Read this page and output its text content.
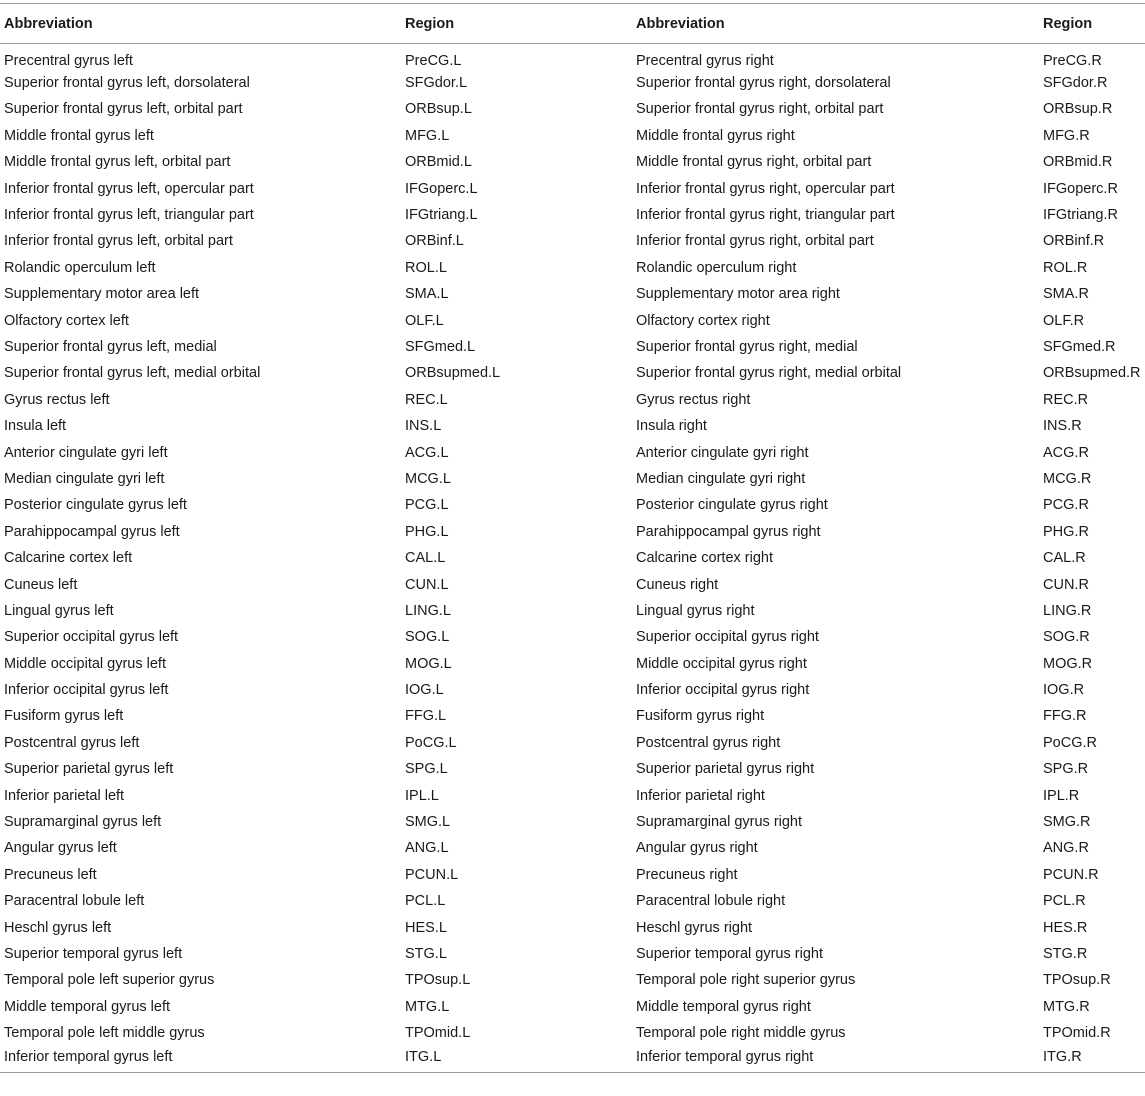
Abbreviation	Region	Abbreviation	Region
Precentral gyrus left	PreCG.L	Precentral gyrus right	PreCG.R
Superior frontal gyrus left, dorsolateral	SFGdor.L	Superior frontal gyrus right, dorsolateral	SFGdor.R
Superior frontal gyrus left, orbital part	ORBsup.L	Superior frontal gyrus right, orbital part	ORBsup.R
Middle frontal gyrus left	MFG.L	Middle frontal gyrus right	MFG.R
Middle frontal gyrus left, orbital part	ORBmid.L	Middle frontal gyrus right, orbital part	ORBmid.R
Inferior frontal gyrus left, opercular part	IFGoperc.L	Inferior frontal gyrus right, opercular part	IFGoperc.R
Inferior frontal gyrus left, triangular part	IFGtriang.L	Inferior frontal gyrus right, triangular part	IFGtriang.R
Inferior frontal gyrus left, orbital part	ORBinf.L	Inferior frontal gyrus right, orbital part	ORBinf.R
Rolandic operculum left	ROL.L	Rolandic operculum right	ROL.R
Supplementary motor area left	SMA.L	Supplementary motor area right	SMA.R
Olfactory cortex left	OLF.L	Olfactory cortex right	OLF.R
Superior frontal gyrus left, medial	SFGmed.L	Superior frontal gyrus right, medial	SFGmed.R
Superior frontal gyrus left, medial orbital	ORBsupmed.L	Superior frontal gyrus right, medial orbital	ORBsupmed.R
Gyrus rectus left	REC.L	Gyrus rectus right	REC.R
Insula left	INS.L	Insula right	INS.R
Anterior cingulate gyri left	ACG.L	Anterior cingulate gyri right	ACG.R
Median cingulate gyri left	MCG.L	Median cingulate gyri right	MCG.R
Posterior cingulate gyrus left	PCG.L	Posterior cingulate gyrus right	PCG.R
Parahippocampal gyrus left	PHG.L	Parahippocampal gyrus right	PHG.R
Calcarine cortex left	CAL.L	Calcarine cortex right	CAL.R
Cuneus left	CUN.L	Cuneus right	CUN.R
Lingual gyrus left	LING.L	Lingual gyrus right	LING.R
Superior occipital gyrus left	SOG.L	Superior occipital gyrus right	SOG.R
Middle occipital gyrus left	MOG.L	Middle occipital gyrus right	MOG.R
Inferior occipital gyrus left	IOG.L	Inferior occipital gyrus right	IOG.R
Fusiform gyrus left	FFG.L	Fusiform gyrus right	FFG.R
Postcentral gyrus left	PoCG.L	Postcentral gyrus right	PoCG.R
Superior parietal gyrus left	SPG.L	Superior parietal gyrus right	SPG.R
Inferior parietal left	IPL.L	Inferior parietal right	IPL.R
Supramarginal gyrus left	SMG.L	Supramarginal gyrus right	SMG.R
Angular gyrus left	ANG.L	Angular gyrus right	ANG.R
Precuneus left	PCUN.L	Precuneus right	PCUN.R
Paracentral lobule left	PCL.L	Paracentral lobule right	PCL.R
Heschl gyrus left	HES.L	Heschl gyrus right	HES.R
Superior temporal gyrus left	STG.L	Superior temporal gyrus right	STG.R
Temporal pole left superior gyrus	TPOsup.L	Temporal pole right superior gyrus	TPOsup.R
Middle temporal gyrus left	MTG.L	Middle temporal gyrus right	MTG.R
Temporal pole left middle gyrus	TPOmid.L	Temporal pole right middle gyrus	TPOmid.R
Inferior temporal gyrus left	ITG.L	Inferior temporal gyrus right	ITG.R
